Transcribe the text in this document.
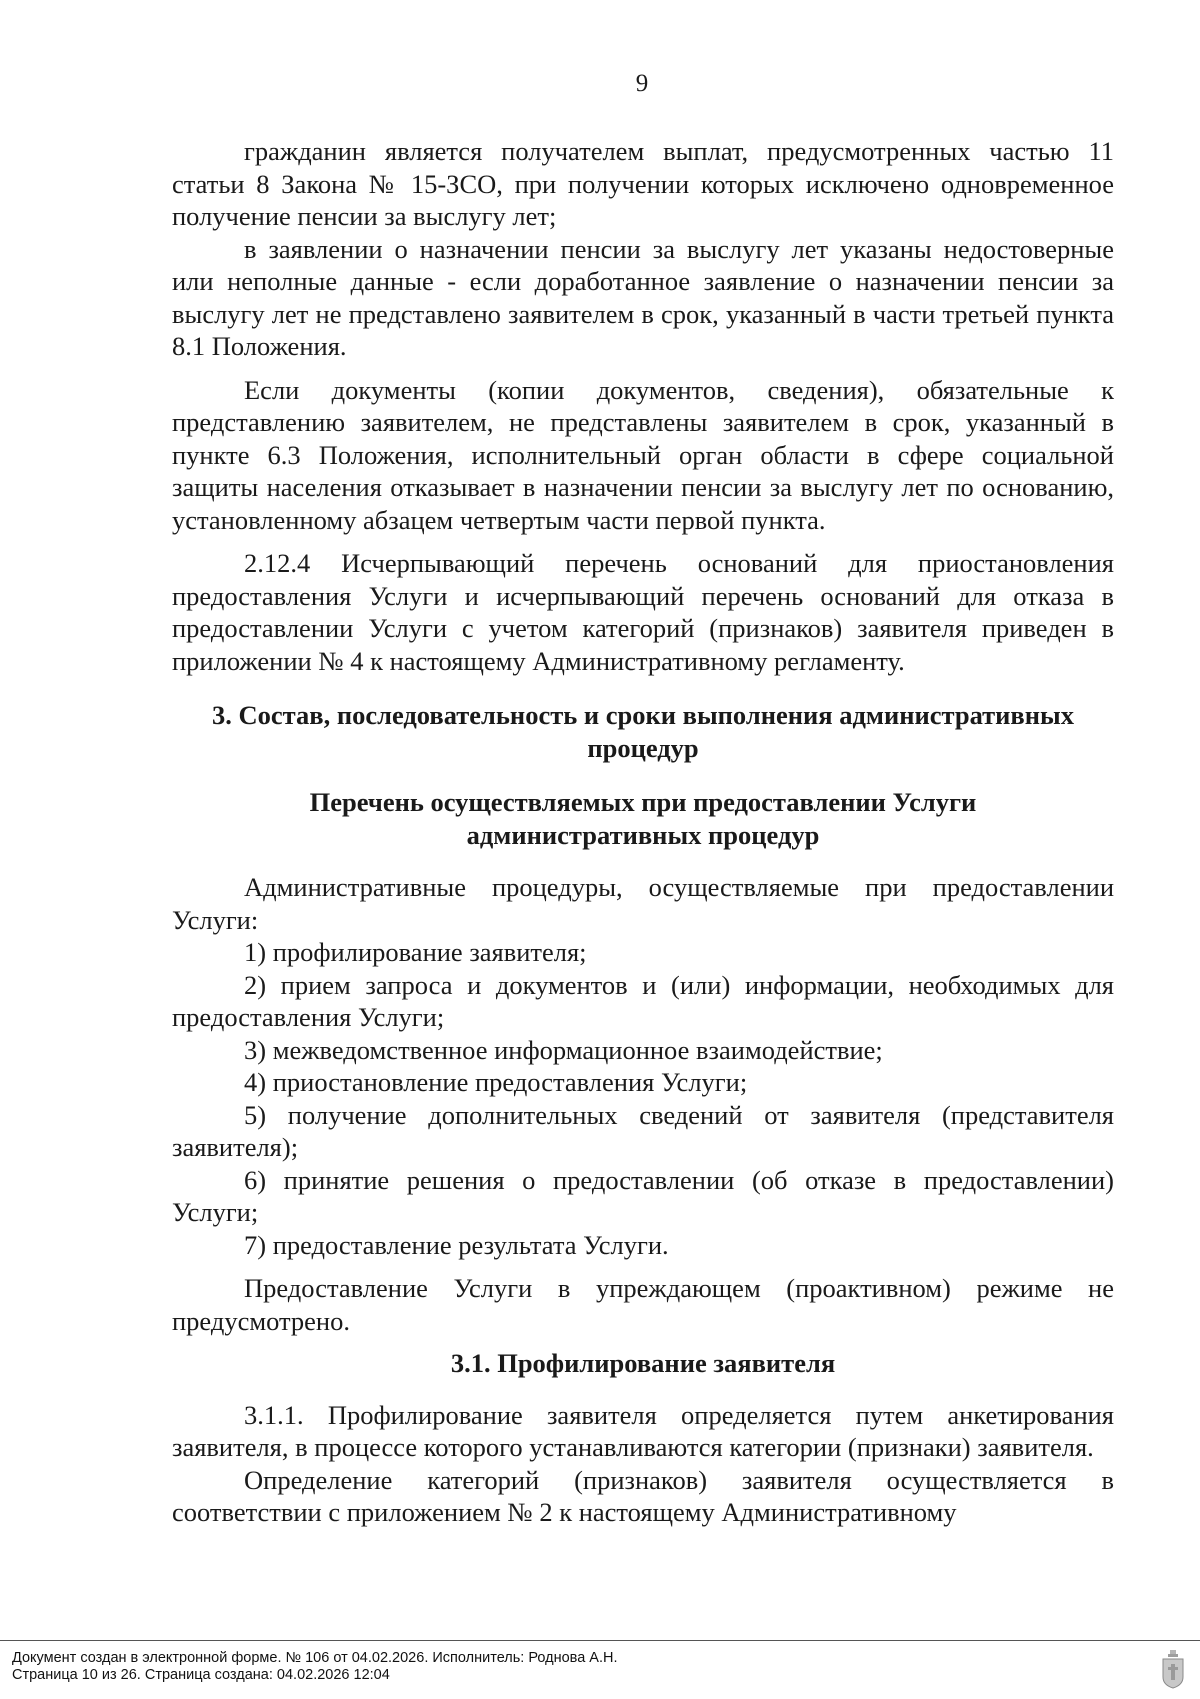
9

гражданин является получателем выплат, предусмотренных частью 11 статьи 8 Закона № 15-ЗСО, при получении которых исключено одновременное получение пенсии за выслугу лет;

в заявлении о назначении пенсии за выслугу лет указаны недостоверные или неполные данные - если доработанное заявление о назначении пенсии за выслугу лет не представлено заявителем в срок, указанный в части третьей пункта 8.1 Положения.

Если документы (копии документов, сведения), обязательные к представлению заявителем, не представлены заявителем в срок, указанный в пункте 6.3 Положения, исполнительный орган области в сфере социальной защиты населения отказывает в назначении пенсии за выслугу лет по основанию, установленному абзацем четвертым части первой пункта.

2.12.4 Исчерпывающий перечень оснований для приостановления предоставления Услуги и исчерпывающий перечень оснований для отказа в предоставлении Услуги с учетом категорий (признаков) заявителя приведен в приложении № 4 к настоящему Административному регламенту.

3. Состав, последовательность и сроки выполнения административных

процедур

Перечень осуществляемых при предоставлении Услуги

административных процедур

Административные процедуры, осуществляемые при предоставлении Услуги:

1) профилирование заявителя;

2) прием запроса и документов и (или) информации, необходимых для предоставления Услуги;

3) межведомственное информационное взаимодействие;

4) приостановление предоставления Услуги;

5) получение дополнительных сведений от заявителя (представителя заявителя);

6) принятие решения о предоставлении (об отказе в предоставлении) Услуги;

7) предоставление результата Услуги.

Предоставление Услуги в упреждающем (проактивном) режиме не предусмотрено.

3.1. Профилирование заявителя

3.1.1. Профилирование заявителя определяется путем анкетирования заявителя, в процессе которого устанавливаются категории (признаки) заявителя.

Определение категорий (признаков) заявителя осуществляется в соответствии с приложением № 2 к настоящему Административному

Документ создан в электронной форме. № 106 от 04.02.2026. Исполнитель: Роднова А.Н.
Страница 10 из 26. Страница создана: 04.02.2026 12:04
